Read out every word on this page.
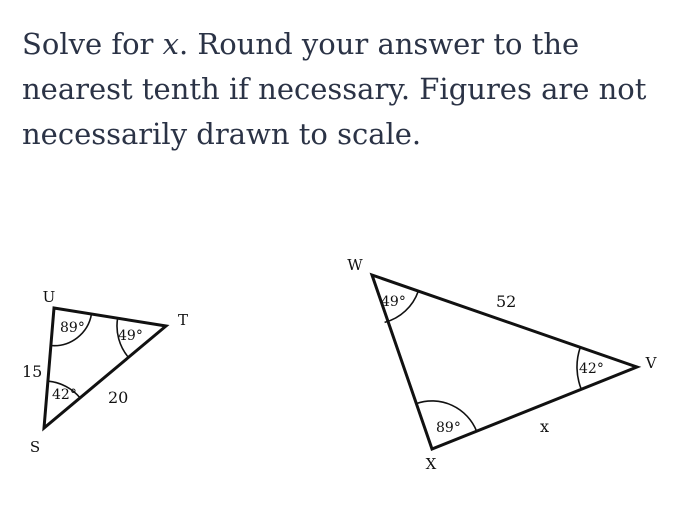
Solve for x. Round your answer to the nearest tenth if necessary. Figures are not necessarily drawn to scale.

U
T
S
89° 49°
42°
15
20
W
V
X
49°
42°
89°
52
x
